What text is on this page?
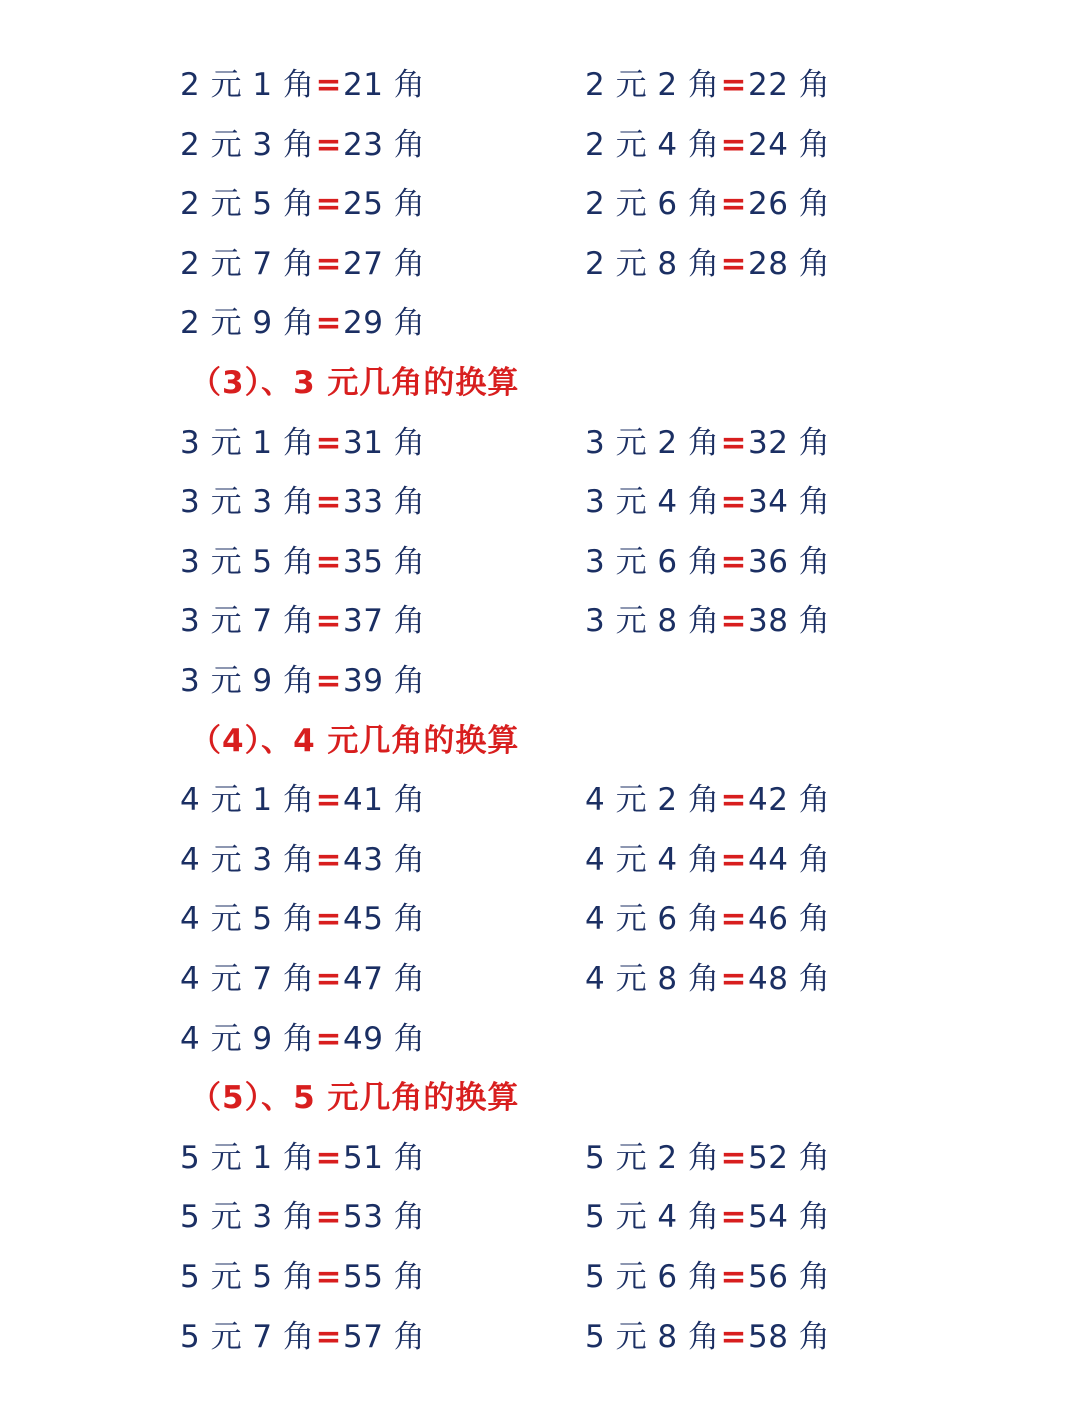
2 元 1 角=21 角	2 元 2 角=22 角
2 元 3 角=23 角	2 元 4 角=24 角
2 元 5 角=25 角	2 元 6 角=26 角
2 元 7 角=27 角	2 元 8 角=28 角
2 元 9 角=29 角
（3）、3 元几角的换算
3 元 1 角=31 角	3 元 2 角=32 角
3 元 3 角=33 角	3 元 4 角=34 角
3 元 5 角=35 角	3 元 6 角=36 角
3 元 7 角=37 角	3 元 8 角=38 角
3 元 9 角=39 角
（4）、4 元几角的换算
4 元 1 角=41 角	4 元 2 角=42 角
4 元 3 角=43 角	4 元 4 角=44 角
4 元 5 角=45 角	4 元 6 角=46 角
4 元 7 角=47 角	4 元 8 角=48 角
4 元 9 角=49 角
（5）、5 元几角的换算
5 元 1 角=51 角	5 元 2 角=52 角
5 元 3 角=53 角	5 元 4 角=54 角
5 元 5 角=55 角	5 元 6 角=56 角
5 元 7 角=57 角	5 元 8 角=58 角
